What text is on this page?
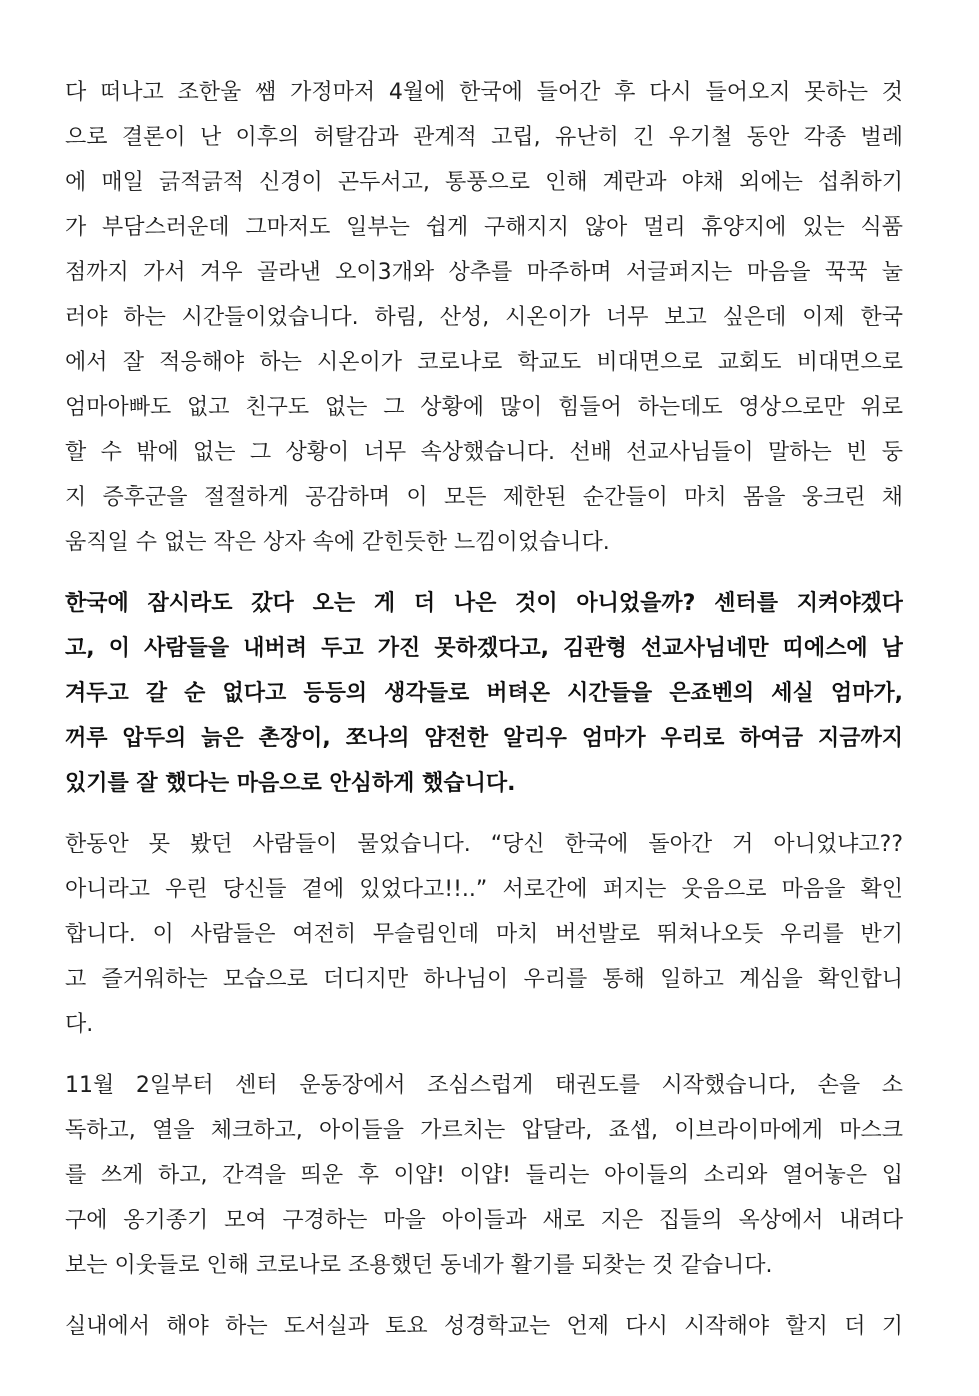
다 떠나고 조한울 쌤 가정마저 4월에 한국에 들어간 후 다시 들어오지 못하는 것
으로 결론이 난 이후의 허탈감과 관계적 고립, 유난히 긴 우기철 동안 각종 벌레
에 매일 긁적긁적 신경이 곤두서고, 통풍으로 인해 계란과 야채 외에는 섭취하기
가 부담스러운데 그마저도 일부는 쉽게 구해지지 않아 멀리 휴양지에 있는 식품
점까지 가서 겨우 골라낸 오이3개와 상추를 마주하며 서글퍼지는 마음을 꾹꾹 눌
러야 하는 시간들이었습니다. 하림, 산성, 시온이가 너무 보고 싶은데 이제 한국
에서 잘 적응해야 하는 시온이가 코로나로 학교도 비대면으로 교회도 비대면으로
엄마아빠도 없고 친구도 없는 그 상황에 많이 힘들어 하는데도 영상으로만 위로
할 수 밖에 없는 그 상황이 너무 속상했습니다. 선배 선교사님들이 말하는 빈 둥
지 증후군을 절절하게 공감하며 이 모든 제한된 순간들이 마치 몸을 웅크린 채
움직일 수 없는 작은 상자 속에 갇힌듯한 느낌이었습니다.
한국에 잠시라도 갔다 오는 게 더 나은 것이 아니었을까? 센터를 지켜야겠다
고, 이 사람들을 내버려 두고 가진 못하겠다고, 김관형 선교사님네만 띠에스에 남
겨두고 갈 순 없다고 등등의 생각들로 버텨온 시간들을 은죠벤의 세실 엄마가,
꺼루 압두의 늙은 촌장이, 쪼나의 얌전한 알리우 엄마가 우리로 하여금 지금까지
있기를 잘 했다는 마음으로 안심하게 했습니다.
한동안 못 봤던 사람들이 물었습니다. “당신 한국에 돌아간 거 아니었냐고??
아니라고 우린 당신들 곁에 있었다고!!..” 서로간에 퍼지는 웃음으로 마음을 확인
합니다. 이 사람들은 여전히 무슬림인데 마치 버선발로 뛰쳐나오듯 우리를 반기
고 즐거워하는 모습으로 더디지만 하나님이 우리를 통해 일하고 계심을 확인합니
다.
11월 2일부터 센터 운동장에서 조심스럽게 태권도를 시작했습니다, 손을 소
독하고, 열을 체크하고, 아이들을 가르치는 압달라, 죠셉, 이브라이마에게 마스크
를 쓰게 하고, 간격을 띄운 후 이얍! 이얍! 들리는 아이들의 소리와 열어놓은 입
구에 옹기종기 모여 구경하는 마을 아이들과 새로 지은 집들의 옥상에서 내려다
보는 이웃들로 인해 코로나로 조용했던 동네가 활기를 되찾는 것 같습니다.
실내에서 해야 하는 도서실과 토요 성경학교는 언제 다시 시작해야 할지 더 기
